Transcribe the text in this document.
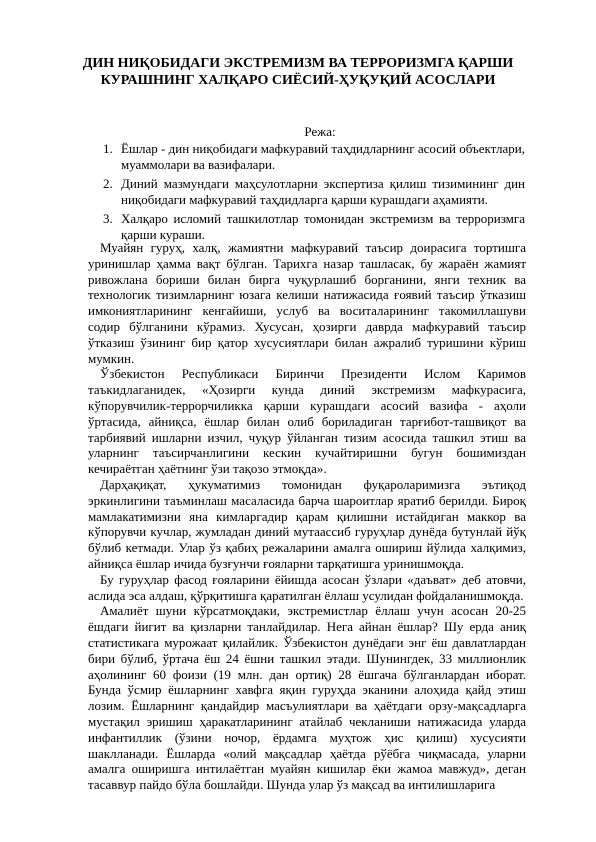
ДИН НИҚОБИДАГИ ЭКСТРЕМИЗМ ВА ТЕРРОРИЗМГА ҚАРШИ
КУРАШНИНГ ХАЛҚАРО СИЁСИЙ-ҲУҚУҚИЙ АСОСЛАРИ
Режа:
1. Ёшлар - дин ниқобидаги мафкуравий таҳдидларнинг асосий объектлари, муаммолари ва вазифалари.
2. Диний мазмундаги маҳсулотларни экспертиза қилиш тизимининг дин ниқобидаги мафкуравий таҳдидларга қарши курашдаги аҳамияти.
3. Халқаро исломий ташкилотлар томонидан экстремизм ва терроризмга қарши кураши.

Муайян гуруҳ, халқ, жамиятни мафкуравий таъсир доирасига тортишга уринишлар ҳамма вақт бўлган. Тарихга назар ташласак, бу жараён жамият ривожлана бориши билан бирга чуқурлашиб борганини, янги техник ва технологик тизимларнинг юзага келиши натижасида ғоявий таъсир ўтказиш имкониятларининг кенгайиши, услуб ва воситаларининг такомиллашуви содир бўлганини кўрамиз. Хусусан, ҳозирги даврда мафкуравий таъсир ўтказиш ўзининг бир қатор хусусиятлари билан ажралиб туришини кўриш мумкин.

Ўзбекистон Республикаси Биринчи Президенти Ислом Каримов таъкидлаганидек, «Ҳозирги кунда диний экстремизм мафкурасига, кўпорувчилик-террорчиликка қарши курашдаги асосий вазифа - аҳоли ўртасида, айниқса, ёшлар билан олиб бориладиган тарғибот-ташвиқот ва тарбиявий ишларни изчил, чуқур ўйланган тизим асосида ташкил этиш ва уларнинг таъсирчанлигини кескин кучайтиришни бугун бошимиздан кечираётган ҳаётнинг ўзи тақозо этмоқда».

Дарҳақиқат, ҳукуматимиз томонидан фуқароларимизга эътиқод эркинлигини таъминлаш масаласида барча шароитлар яратиб берилди. Бироқ мамлакатимизни яна кимларгадир қарам қилишни истайдиган маккор ва кўпорувчи кучлар, жумладан диний мутаассиб гуруҳлар дунёда бутунлай йўқ бўлиб кетмади. Улар ўз қабиҳ режаларини амалга ошириш йўлида халқимиз, айниқса ёшлар ичида бузғунчи ғояларни тарқатишга уринишмоқда.

Бу гуруҳлар фасод ғояларини ёйишда асосан ўзлари «даъват» деб атовчи, аслида эса алдаш, қўрқитишга қаратилган ёллаш усулидан фойдаланишмоқда.

Амалиёт шуни кўрсатмоқдаки, экстремистлар ёллаш учун асосан 20-25 ёшдаги йигит ва қизларни танлайдилар. Нега айнан ёшлар? Шу ерда аниқ статистикага мурожаат қилайлик. Ўзбекистон дунёдаги энг ёш давлатлардан бири бўлиб, ўртача ёш 24 ёшни ташкил этади. Шунингдек, 33 миллионлик аҳолининг 60 фоизи (19 млн. дан ортиқ) 28 ёшгача бўлганлардан иборат. Бунда ўсмир ёшларнинг хавфга яқин гуруҳда эканини алоҳида қайд этиш лозим. Ёшларнинг қандайдир масъулиятлари ва ҳаётдаги орзу-мақсадларга мустақил эришиш ҳаракатларининг атайлаб чекланиши натижасида уларда инфантиллик (ўзини ночор, ёрдамга муҳтож ҳис қилиш) хусусияти шаклланади. Ёшларда «олий мақсадлар ҳаётда рўёбга чиқмасада, уларни амалга оширишга интилаётган муайян кишилар ёки жамоа мавжуд», деган тасаввур пайдо бўла бошлайди. Шунда улар ўз мақсад ва интилишларига
